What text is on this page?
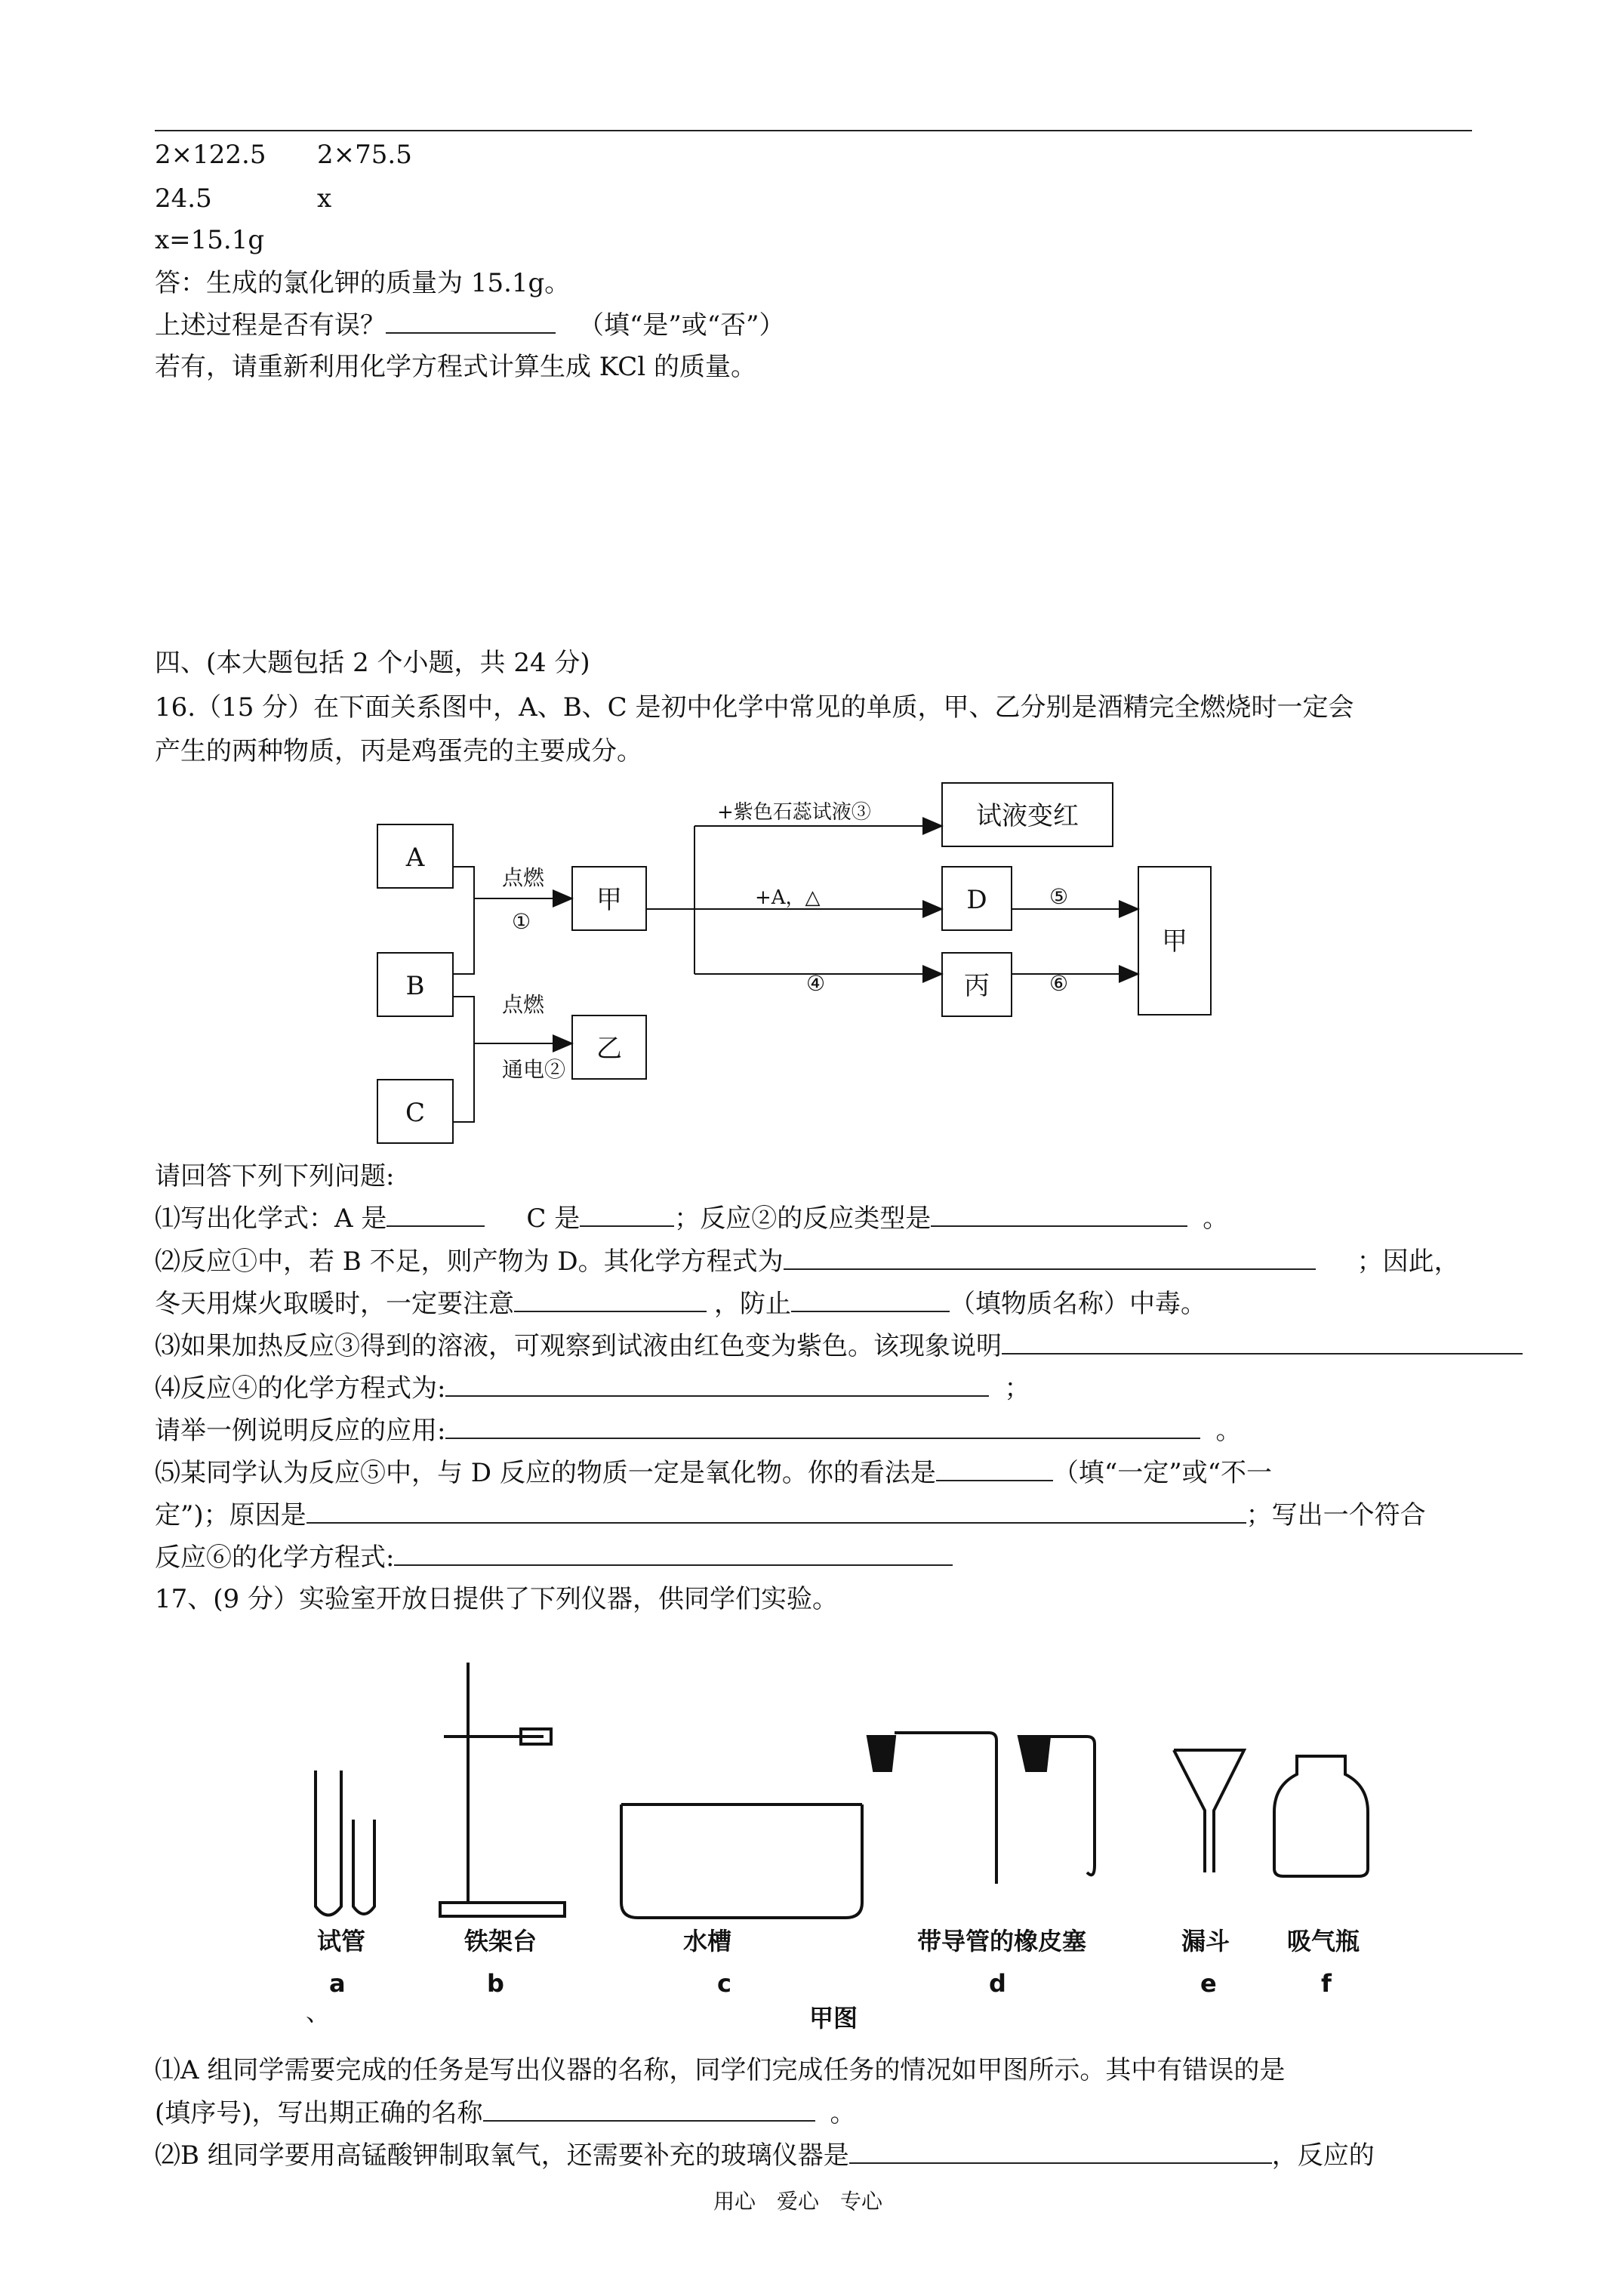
2×122.5 2×75.5
24.5	x
x=15.1g
答：生成的氯化钾的质量为 15.1g。
上述过程是否有误？	（填“是”或“否”）
若有，请重新利用化学方程式计算生成 KCl 的质量。
四、(本大题包括 2 个小题，共 24 分)
16.（15 分）在下面关系图中，A、B、C 是初中化学中常见的单质，甲、乙分别是酒精完全燃烧时一定会
产生的两种物质，丙是鸡蛋壳的主要成分。
A
B
C
甲
乙
试液变红
D
丙
甲
点燃
①
点燃
通电②
+紫色石蕊试液③
+A，△
④
⑤
⑥
请回答下列下列问题:
⑴写出化学式：A 是	C 是	；反应②的反应类型是	。
⑵反应①中，若 B 不足，则产物为 D。其化学方程式为	；因此，
冬天用煤火取暖时，一定要注意	，防止	（填物质名称）中毒。
⑶如果加热反应③得到的溶液，可观察到试液由红色变为紫色。该现象说明
⑷反应④的化学方程式为:	；
请举一例说明反应的应用:	。
⑸某同学认为反应⑤中，与 D 反应的物质一定是氧化物。你的看法是	（填“一定”或“不一
定”)；原因是	；写出一个符合
反应⑥的化学方程式:
17、(9 分）实验室开放日提供了下列仪器，供同学们实验。
试管	铁架台	水槽	带导管的橡皮塞	漏斗 吸气瓶
a	b	c	d	e	f
、	甲图
⑴A 组同学需要完成的任务是写出仪器的名称，同学们完成任务的情况如甲图所示。其中有错误的是
(填序号)，写出期正确的名称	。
⑵B 组同学要用高锰酸钾制取氧气，还需要补充的玻璃仪器是	，反应的
用心　爱心　专心
